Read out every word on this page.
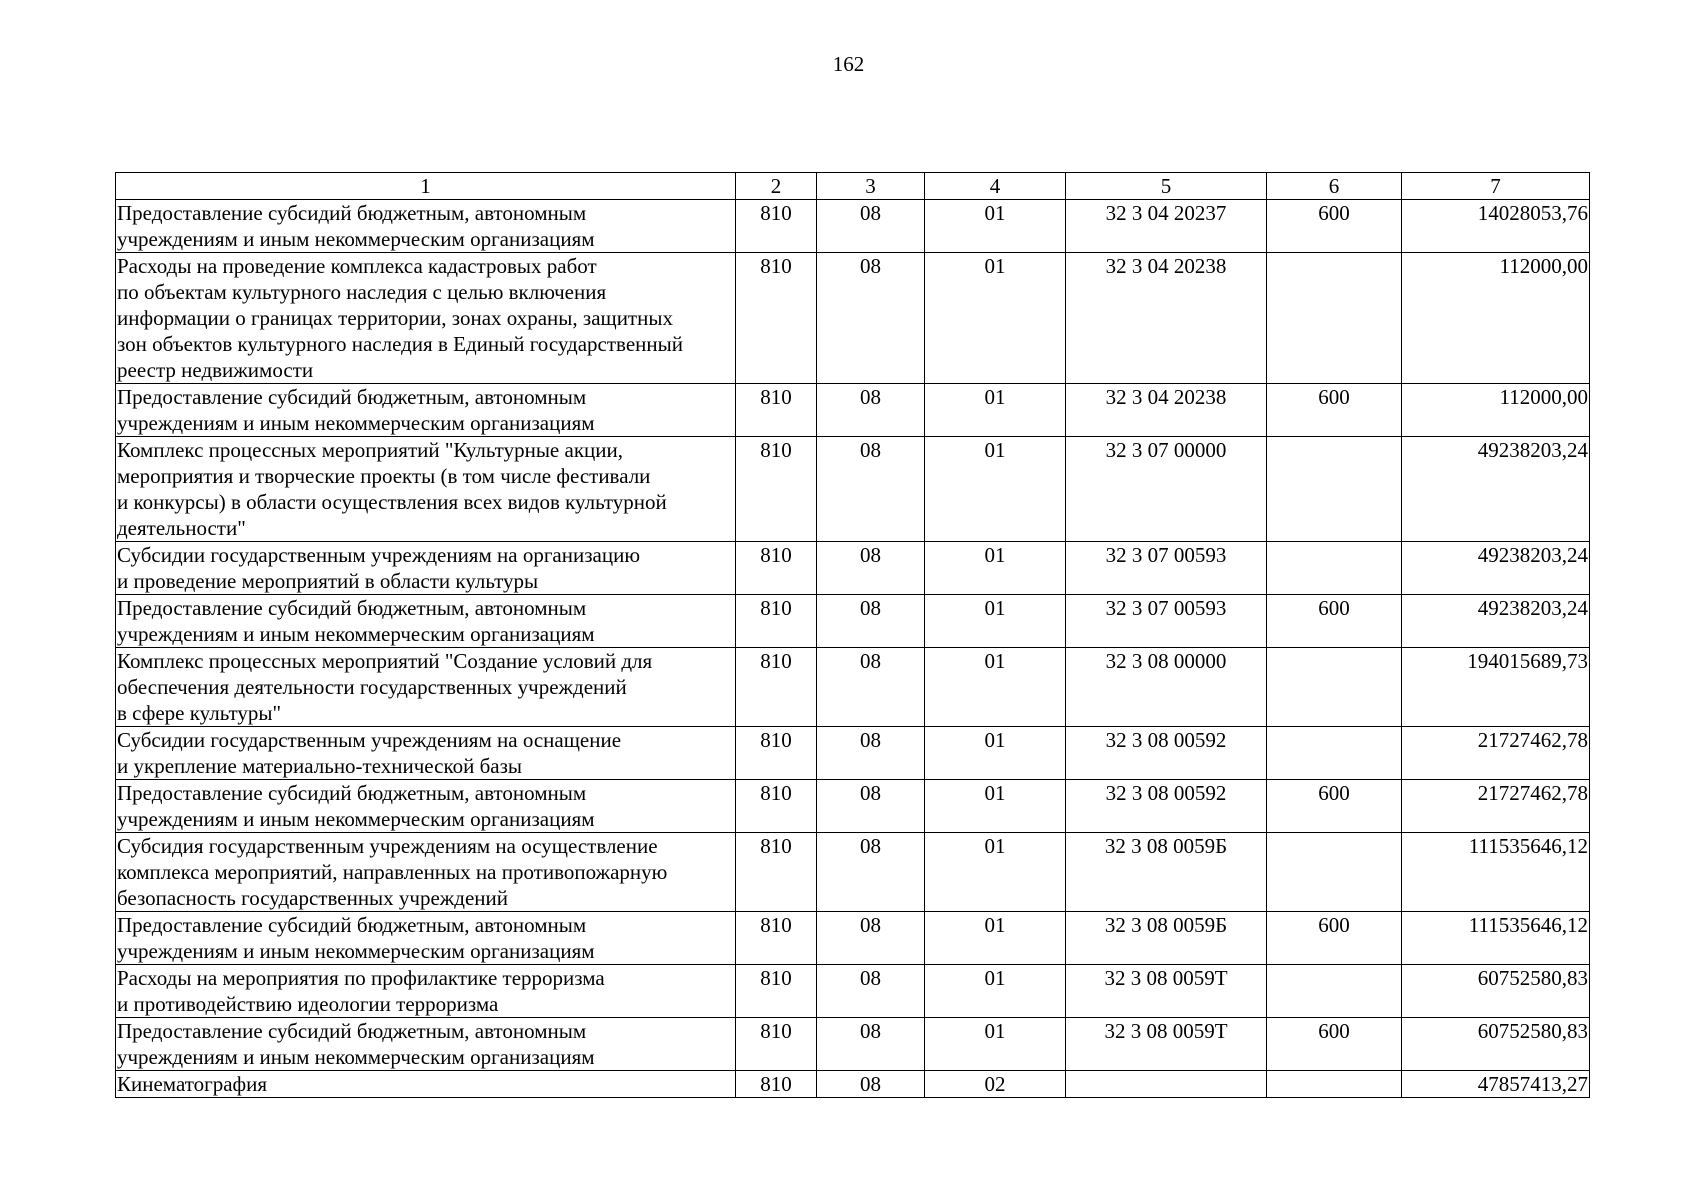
162
1	2	3	4	5	6	7
Предоставление субсидий бюджетным, автономным
учреждениям и иным некоммерческим организациям	810	08	01	32 3 04 20237	600	14028053,76
Расходы на проведение комплекса кадастровых работ
по объектам культурного наследия с целью включения
информации о границах территории, зонах охраны, защитных
зон объектов культурного наследия в Единый государственный
реестр недвижимости	810	08	01	32 3 04 20238		112000,00
Предоставление субсидий бюджетным, автономным
учреждениям и иным некоммерческим организациям	810	08	01	32 3 04 20238	600	112000,00
Комплекс процессных мероприятий "Культурные акции,
мероприятия и творческие проекты (в том числе фестивали
и конкурсы) в области осуществления всех видов культурной
деятельности"	810	08	01	32 3 07 00000		49238203,24
Субсидии государственным учреждениям на организацию
и проведение мероприятий в области культуры	810	08	01	32 3 07 00593		49238203,24
Предоставление субсидий бюджетным, автономным
учреждениям и иным некоммерческим организациям	810	08	01	32 3 07 00593	600	49238203,24
Комплекс процессных мероприятий "Создание условий для
обеспечения деятельности государственных учреждений
в сфере культуры"	810	08	01	32 3 08 00000		194015689,73
Субсидии государственным учреждениям на оснащение
и укрепление материально-технической базы	810	08	01	32 3 08 00592		21727462,78
Предоставление субсидий бюджетным, автономным
учреждениям и иным некоммерческим организациям	810	08	01	32 3 08 00592	600	21727462,78
Субсидия государственным учреждениям на осуществление
комплекса мероприятий, направленных на противопожарную
безопасность государственных учреждений	810	08	01	32 3 08 0059Б		111535646,12
Предоставление субсидий бюджетным, автономным
учреждениям и иным некоммерческим организациям	810	08	01	32 3 08 0059Б	600	111535646,12
Расходы на мероприятия по профилактике терроризма
и противодействию идеологии терроризма	810	08	01	32 3 08 0059Т		60752580,83
Предоставление субсидий бюджетным, автономным
учреждениям и иным некоммерческим организациям	810	08	01	32 3 08 0059Т	600	60752580,83
Кинематография	810	08	02			47857413,27
